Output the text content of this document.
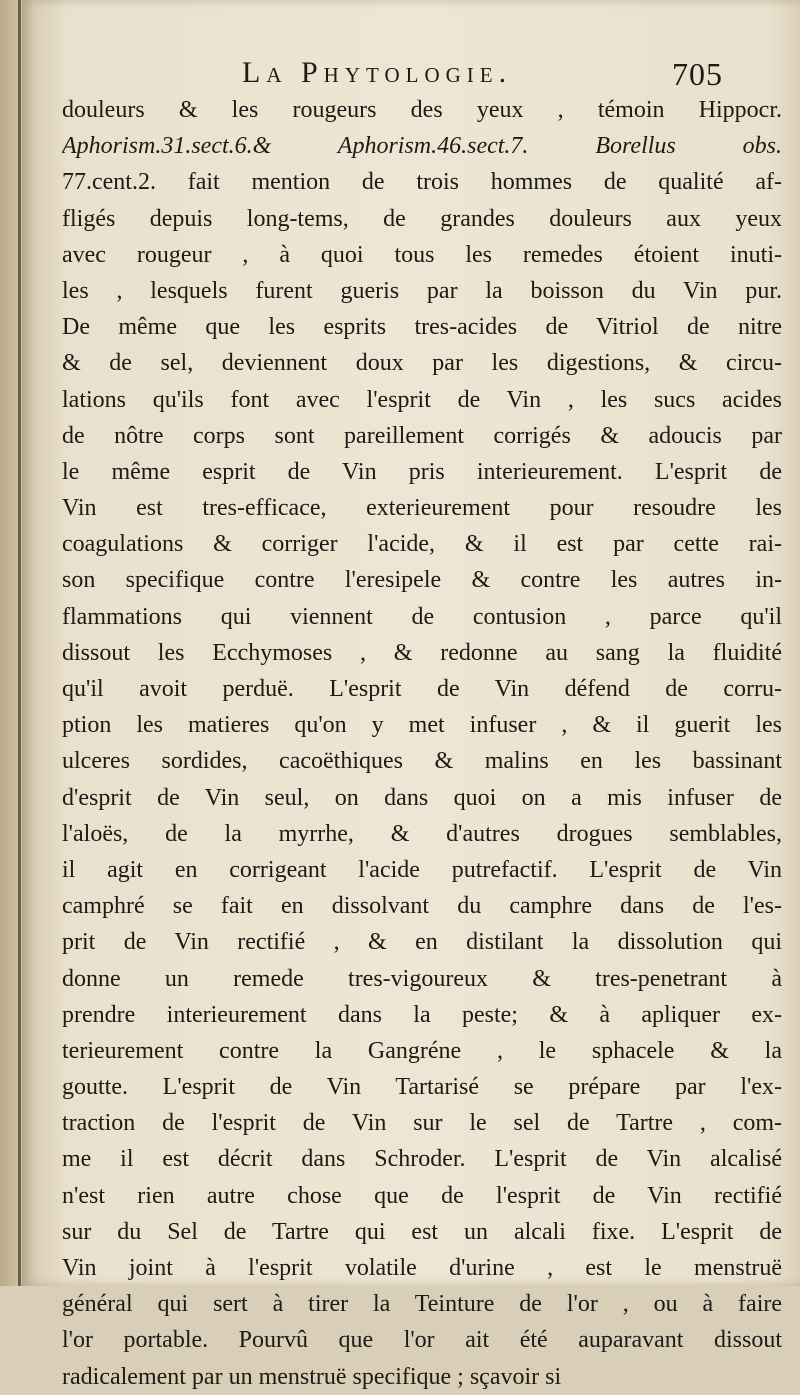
La Phytologie.	705
douleurs & les rougeurs des yeux , témoin Hippocr.
Aphorism.31.sect.6.& Aphorism.46.sect.7. Borellus obs.
77.cent.2. fait mention de trois hommes de qualité af-
fligés depuis long-tems, de grandes douleurs aux yeux
avec rougeur , à quoi tous les remedes étoient inuti-
les , lesquels furent gueris par la boisson du Vin pur.
De même que les esprits tres-acides de Vitriol de nitre
& de sel, deviennent doux par les digestions, & circu-
lations qu'ils font avec l'esprit de Vin , les sucs acides
de nôtre corps sont pareillement corrigés & adoucis par
le même esprit de Vin pris interieurement. L'esprit de
Vin est tres-efficace, exterieurement pour resoudre les
coagulations & corriger l'acide, & il est par cette rai-
son specifique contre l'eresipele & contre les autres in-
flammations qui viennent de contusion , parce qu'il
dissout les Ecchymoses , & redonne au sang la fluidité
qu'il avoit perduë. L'esprit de Vin défend de corru-
ption les matieres qu'on y met infuser , & il guerit les
ulceres sordides, cacoëthiques & malins en les bassinant
d'esprit de Vin seul, on dans quoi on a mis infuser de
l'aloës, de la myrrhe, & d'autres drogues semblables,
il agit en corrigeant l'acide putrefactif. L'esprit de Vin
camphré se fait en dissolvant du camphre dans de l'es-
prit de Vin rectifié , & en distilant la dissolution qui
donne un remede tres-vigoureux & tres-penetrant à
prendre interieurement dans la peste; & à apliquer ex-
terieurement contre la Gangréne , le sphacele & la
goutte. L'esprit de Vin Tartarisé se prépare par l'ex-
traction de l'esprit de Vin sur le sel de Tartre , com-
me il est décrit dans Schroder. L'esprit de Vin alcalisé
n'est rien autre chose que de l'esprit de Vin rectifié
sur du Sel de Tartre qui est un alcali fixe. L'esprit de
Vin joint à l'esprit volatile d'urine , est le menstruë
général qui sert à tirer la Teinture de l'or , ou à faire
l'or portable. Pourvû que l'or ait été auparavant dissout
radicalement par un menstruë specifique ; sçavoir si
